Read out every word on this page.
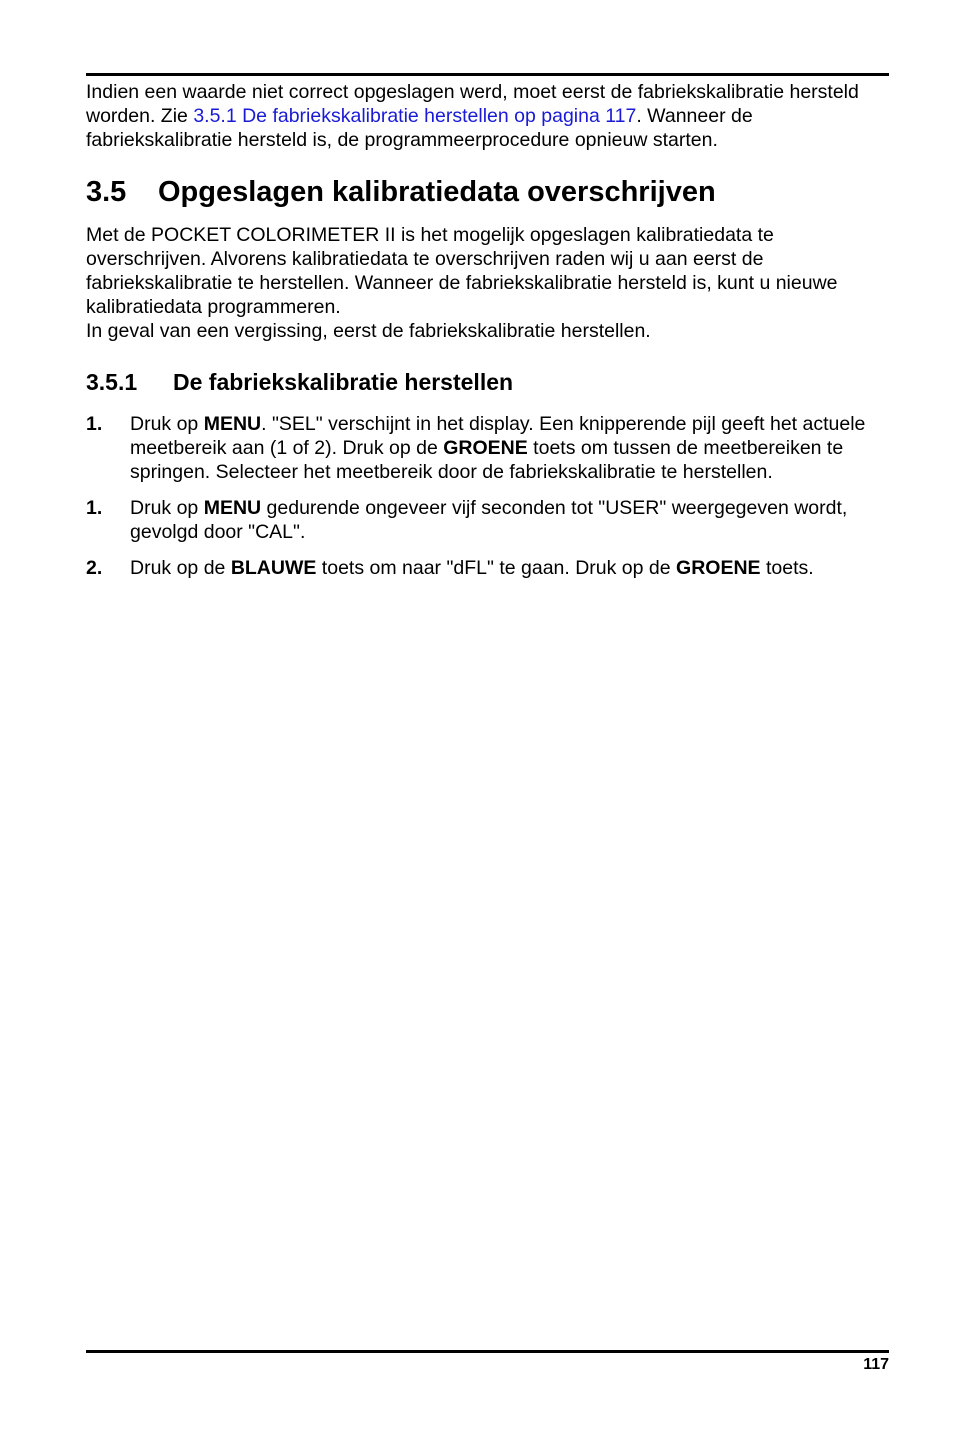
Indien een waarde niet correct opgeslagen werd, moet eerst de fabriekskalibratie hersteld worden. Zie 3.5.1 De fabriekskalibratie herstellen op pagina 117. Wanneer de fabriekskalibratie hersteld is, de programmeerprocedure opnieuw starten.

3.5 Opgeslagen kalibratiedata overschrijven

Met de POCKET COLORIMETER II is het mogelijk opgeslagen kalibratiedata te overschrijven. Alvorens kalibratiedata te overschrijven raden wij u aan eerst de fabriekskalibratie te herstellen. Wanneer de fabriekskalibratie hersteld is, kunt u nieuwe kalibratiedata programmeren.

In geval van een vergissing, eerst de fabriekskalibratie herstellen.

3.5.1 De fabriekskalibratie herstellen
1. Druk op MENU. "SEL" verschijnt in het display. Een knipperende pijl geeft het actuele meetbereik aan (1 of 2). Druk op de GROENE toets om tussen de meetbereiken te springen. Selecteer het meetbereik door de fabriekskalibratie te herstellen.
1. Druk op MENU gedurende ongeveer vijf seconden tot "USER" weergegeven wordt, gevolgd door "CAL".
2. Druk op de BLAUWE toets om naar "dFL" te gaan. Druk op de GROENE toets.
117
